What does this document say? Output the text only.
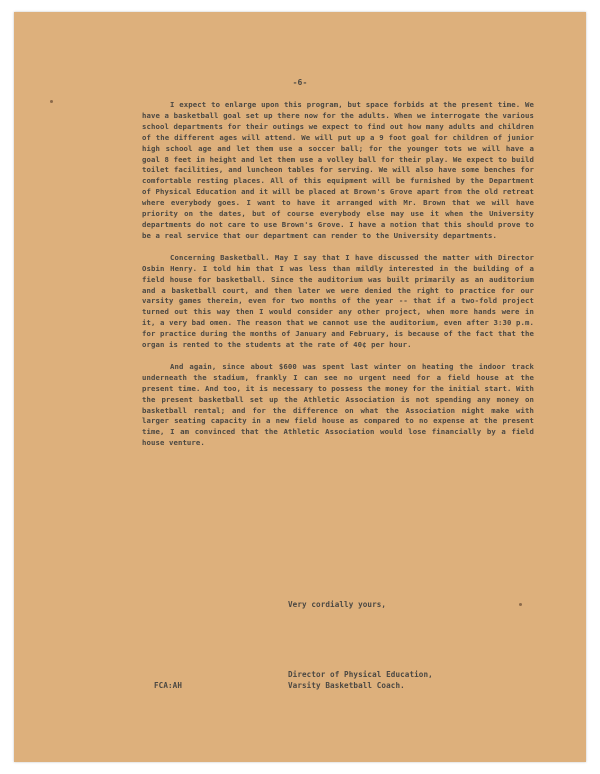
-6-

I expect to enlarge upon this program, but space forbids at the present time. We have a basketball goal set up there now for the adults. When we interrogate the various school departments for their outings we expect to find out how many adults and children of the different ages will attend. We will put up a 9 foot goal for children of junior high school age and let them use a soccer ball; for the younger tots we will have a goal 8 feet in height and let them use a volley ball for their play. We expect to build toilet facilities, and luncheon tables for serving. We will also have some benches for comfortable resting places. All of this equipment will be furnished by the Department of Physical Education and it will be placed at Brown's Grove apart from the old retreat where everybody goes. I want to have it arranged with Mr. Brown that we will have priority on the dates, but of course everybody else may use it when the University departments do not care to use Brown's Grove. I have a notion that this should prove to be a real service that our department can render to the University departments.

Concerning Basketball. May I say that I have discussed the matter with Director Osbin Henry. I told him that I was less than mildly interested in the building of a field house for basketball. Since the auditorium was built primarily as an auditorium and a basketball court, and then later we were denied the right to practice for our varsity games therein, even for two months of the year -- that if a two-fold project turned out this way then I would consider any other project, when more hands were in it, a very bad omen. The reason that we cannot use the auditorium, even after 3:30 p.m. for practice during the months of January and February, is because of the fact that the organ is rented to the students at the rate of 40¢ per hour.

And again, since about $600 was spent last winter on heating the indoor track underneath the stadium, frankly I can see no urgent need for a field house at the present time. And too, it is necessary to possess the money for the initial start. With the present basketball set up the Athletic Association is not spending any money on basketball rental; and for the difference on what the Association might make with larger seating capacity in a new field house as compared to no expense at the present time, I am convinced that the Athletic Association would lose financially by a field house venture.

Very cordially yours,
Director of Physical Education,
Varsity Basketball Coach.
FCA:AH
